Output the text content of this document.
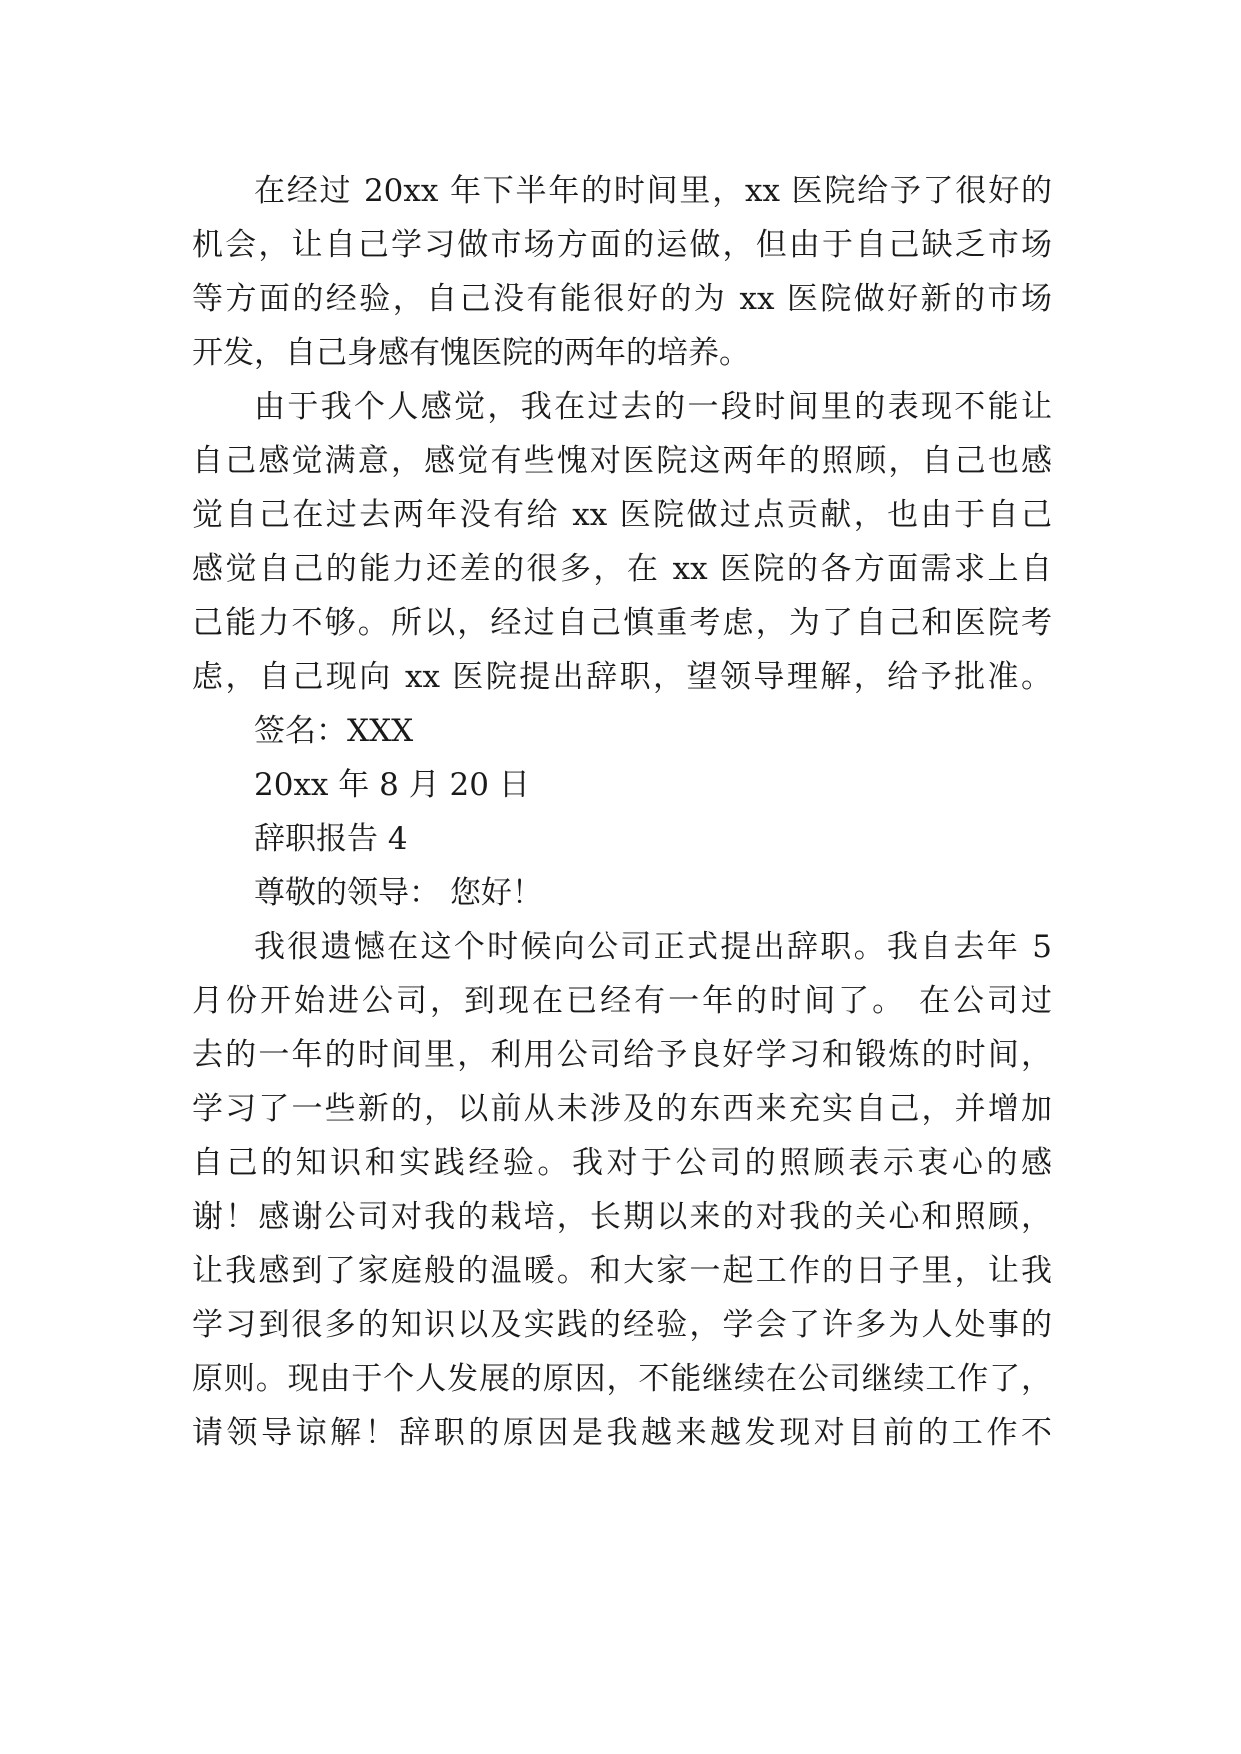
在经过 20xx 年下半年的时间里，xx 医院给予了很好的
机会，让自己学习做市场方面的运做，但由于自己缺乏市场
等方面的经验，自己没有能很好的为 xx 医院做好新的市场
开发，自己身感有愧医院的两年的培养。
由于我个人感觉，我在过去的一段时间里的表现不能让
自己感觉满意，感觉有些愧对医院这两年的照顾，自己也感
觉自己在过去两年没有给 xx 医院做过点贡献，也由于自己
感觉自己的能力还差的很多，在 xx 医院的各方面需求上自
己能力不够。所以，经过自己慎重考虑，为了自己和医院考
虑，自己现向 xx 医院提出辞职，望领导理解，给予批准。
签名：XXX
20xx 年 8 月 20 日
辞职报告 4
尊敬的领导： 您好！
我很遗憾在这个时候向公司正式提出辞职。我自去年 5
月份开始进公司，到现在已经有一年的时间了。 在公司过
去的一年的时间里，利用公司给予良好学习和锻炼的时间，
学习了一些新的，以前从未涉及的东西来充实自己，并增加
自己的知识和实践经验。我对于公司的照顾表示衷心的感
谢！感谢公司对我的栽培，长期以来的对我的关心和照顾，
让我感到了家庭般的温暖。和大家一起工作的日子里，让我
学习到很多的知识以及实践的经验，学会了许多为人处事的
原则。现由于个人发展的原因，不能继续在公司继续工作了，
请领导谅解！辞职的原因是我越来越发现对目前的工作不
